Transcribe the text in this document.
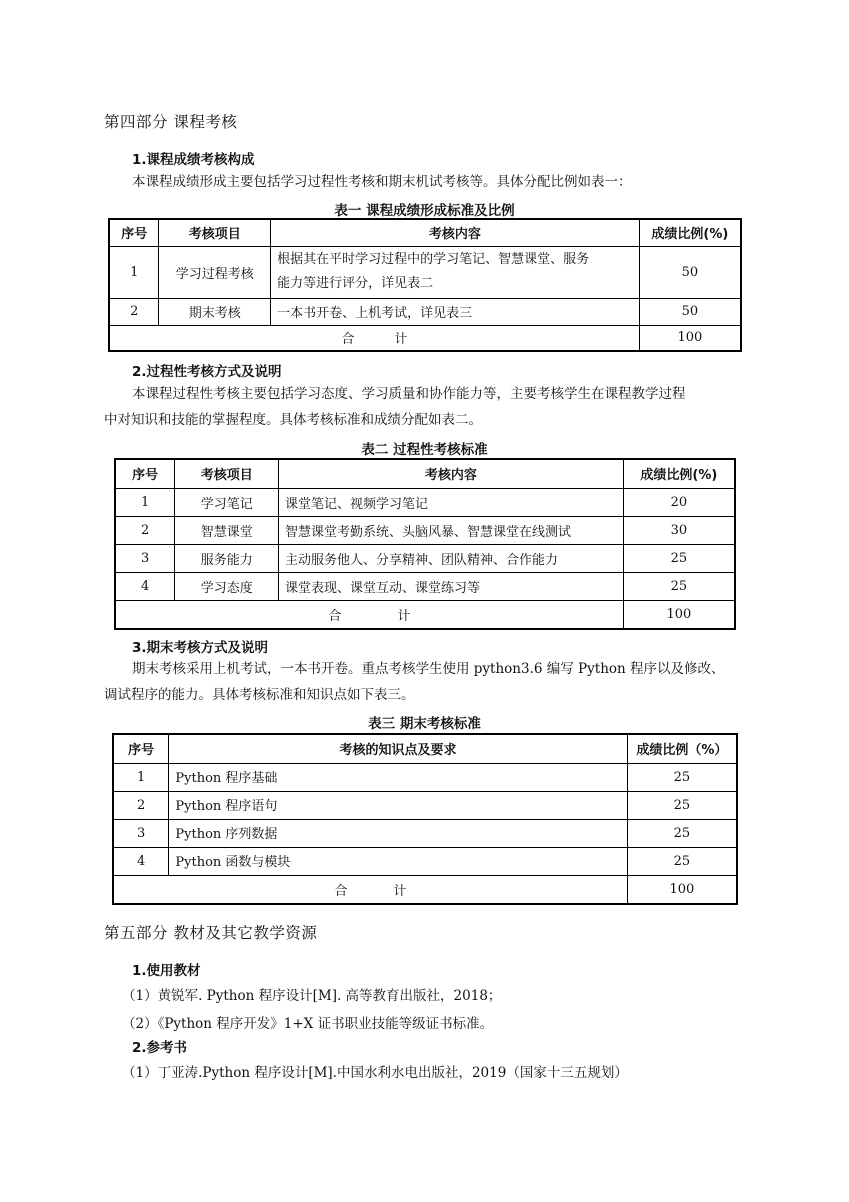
第四部分 课程考核
1.课程成绩考核构成
本课程成绩形成主要包括学习过程性考核和期末机试考核等。具体分配比例如表一：
表一 课程成绩形成标准及比例
序号	考核项目	考核内容	成绩比例(%)
1	学习过程考核	根据其在平时学习过程中的学习笔记、智慧课堂、服务
能力等进行评分，详见表二	50
2	期末考核	一本书开卷、上机考试，详见表三	50
合 计			100
2.过程性考核方式及说明
本课程过程性考核主要包括学习态度、学习质量和协作能力等，主要考核学生在课程教学过程
中对知识和技能的掌握程度。具体考核标准和成绩分配如表二。
表二 过程性考核标准
序号	考核项目	考核内容	成绩比例(%)
1	学习笔记	课堂笔记、视频学习笔记	20
2	智慧课堂	智慧课堂考勤系统、头脑风暴、智慧课堂在线测试	30
3	服务能力	主动服务他人、分享精神、团队精神、合作能力	25
4	学习态度	课堂表现、课堂互动、课堂练习等	25
合 计			100
3.期末考核方式及说明
期末考核采用上机考试，一本书开卷。重点考核学生使用 python3.6 编写 Python 程序以及修改、
调试程序的能力。具体考核标准和知识点如下表三。
表三 期末考核标准
序号	考核的知识点及要求	成绩比例（%）
1	Python 程序基础	25
2	Python 程序语句	25
3	Python 序列数据	25
4	Python 函数与模块	25
合 计		100
第五部分 教材及其它教学资源
1.使用教材
（1）黄锐军. Python 程序设计[M]. 高等教育出版社，2018；
（2）《Python 程序开发》1+X 证书职业技能等级证书标准。
2.参考书
（1）丁亚涛.Python 程序设计[M].中国水利水电出版社，2019（国家十三五规划）
